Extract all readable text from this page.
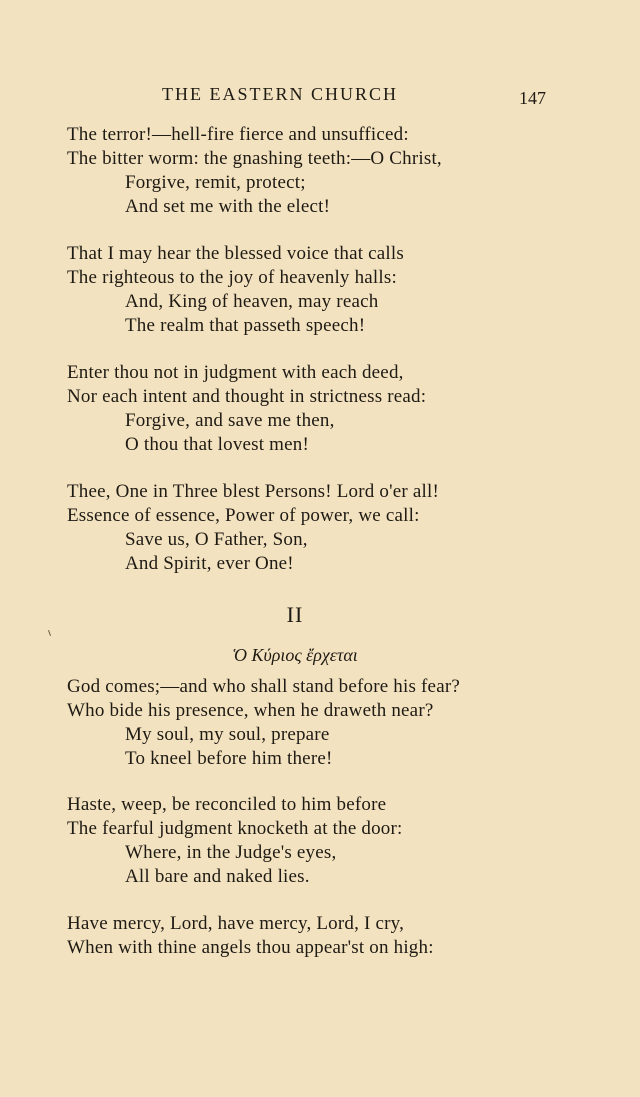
THE EASTERN CHURCH	147
The terror!—hell-fire fierce and unsufficed:
The bitter worm: the gnashing teeth:—O Christ,
Forgive, remit, protect;
And set me with the elect!
That I may hear the blessed voice that calls
The righteous to the joy of heavenly halls:
And, King of heaven, may reach
The realm that passeth speech!
Enter thou not in judgment with each deed,
Nor each intent and thought in strictness read:
Forgive, and save me then,
O thou that lovest men!
Thee, One in Three blest Persons! Lord o'er all!
Essence of essence, Power of power, we call:
Save us, O Father, Son,
And Spirit, ever One!
II
Ὁ Κύριος ἔρχεται
God comes;—and who shall stand before his fear?
Who bide his presence, when he draweth near?
My soul, my soul, prepare
To kneel before him there!
Haste, weep, be reconciled to him before
The fearful judgment knocketh at the door:
Where, in the Judge's eyes,
All bare and naked lies.
Have mercy, Lord, have mercy, Lord, I cry,
When with thine angels thou appear'st on high:
